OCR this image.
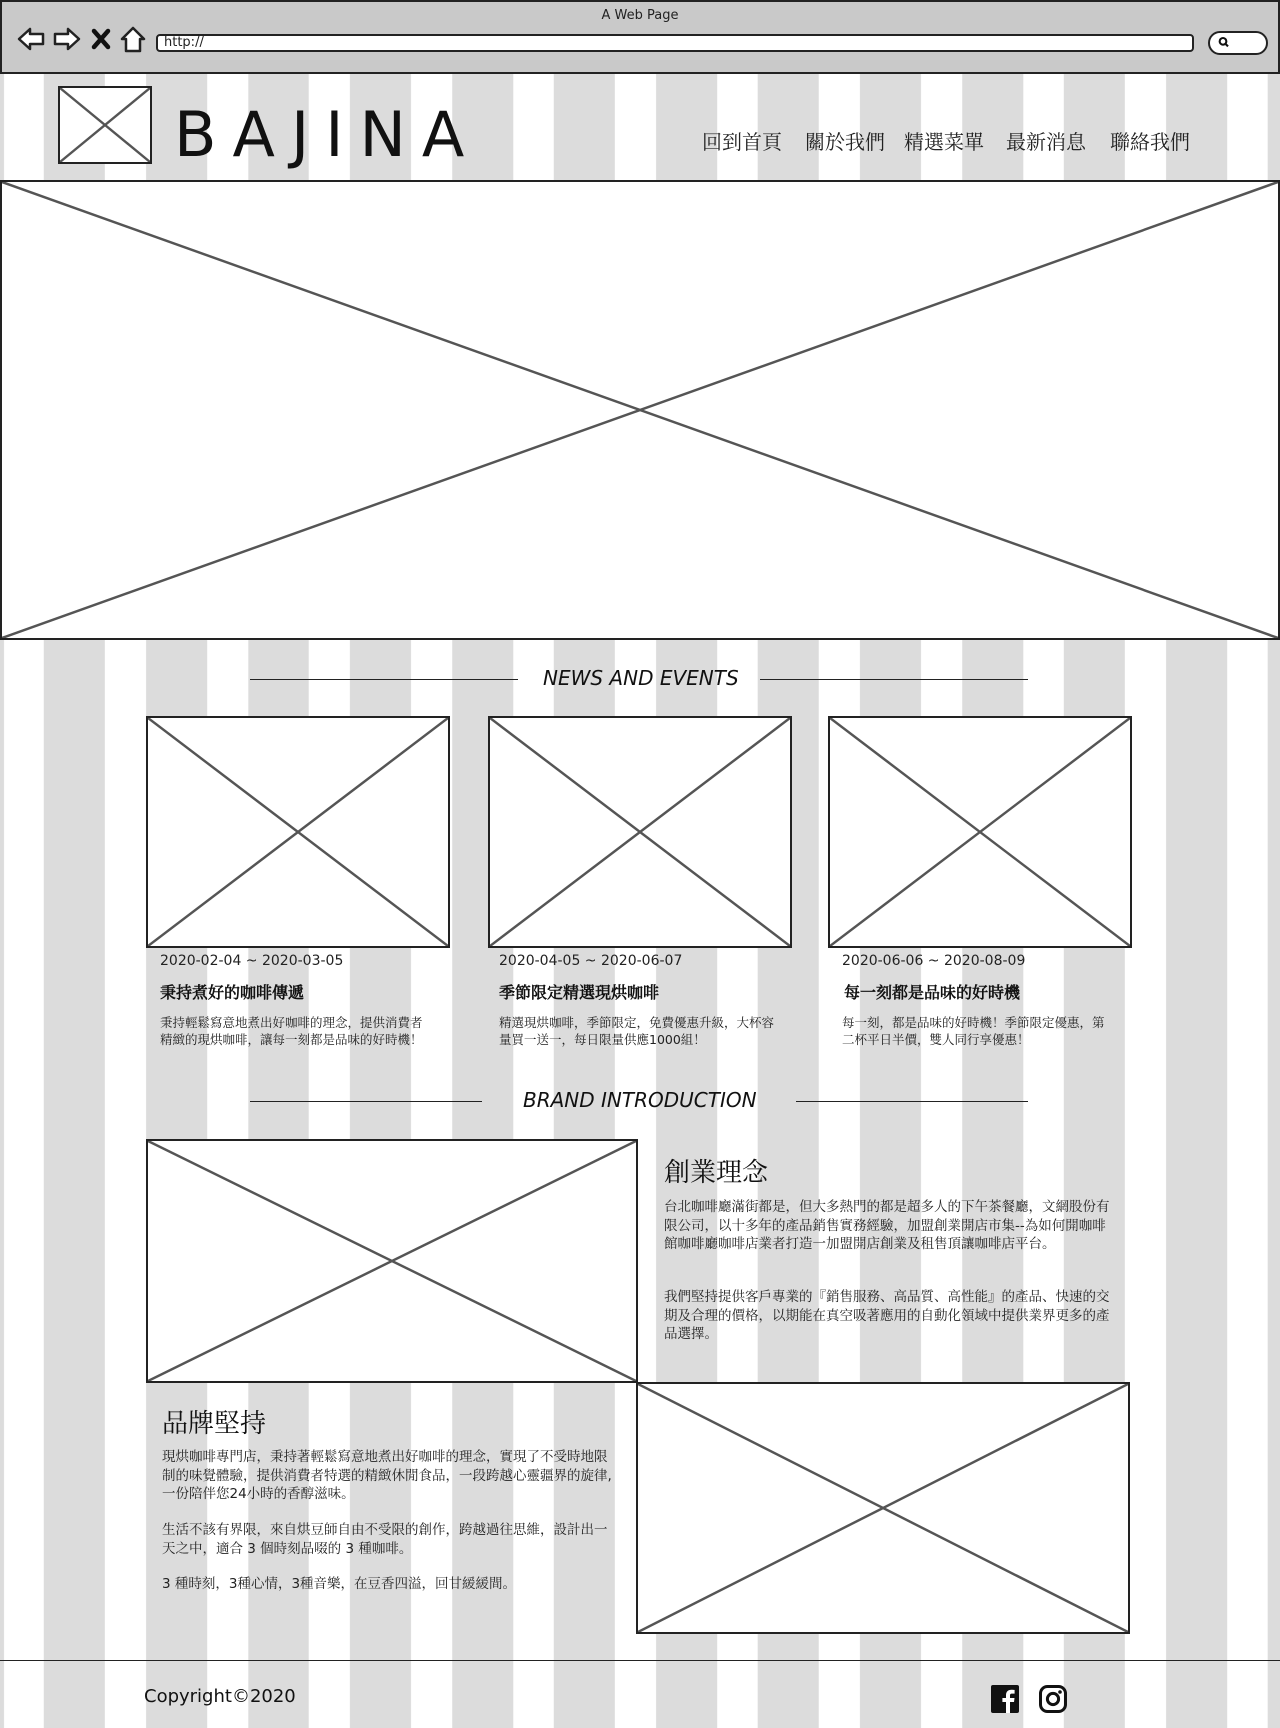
A Web Page
http://
BAJINA	回到首頁 關於我們 精選菜單 最新消息 聯絡我們
NEWS AND EVENTS
2020-02-04 ~ 2020-03-05	2020-04-05 ~ 2020-06-07	2020-06-06 ~ 2020-08-09
秉持煮好的咖啡傳遞	季節限定精選現烘咖啡	每一刻都是品味的好時機
秉持輕鬆寫意地煮出好咖啡的理念，提供消費者精緻的現烘咖啡，讓每一刻都是品味的好時機！
精選現烘咖啡，季節限定，免費優惠升級，大杯容量買一送一，每日限量供應1000組！
每一刻，都是品味的好時機！季節限定優惠，第二杯平日半價，雙人同行享優惠！
BRAND INTRODUCTION
創業理念
台北咖啡廳滿街都是，但大多熱門的都是超多人的下午茶餐廳，文網股份有限公司，以十多年的產品銷售實務經驗，加盟創業開店市集--為如何開咖啡館咖啡廳咖啡店業者打造一加盟開店創業及租售頂讓咖啡店平台。
我們堅持提供客戶專業的『銷售服務、高品質、高性能』的產品、快速的交期及合理的價格，以期能在真空吸著應用的自動化領域中提供業界更多的產品選擇。
品牌堅持
現烘咖啡專門店，秉持著輕鬆寫意地煮出好咖啡的理念，實現了不受時地限制的味覺體驗，提供消費者特選的精緻休閒食品，一段跨越心靈疆界的旋律,一份陪伴您24小時的香醇滋味。
生活不該有界限，來自烘豆師自由不受限的創作，跨越過往思維，設計出一天之中，適合 3 個時刻品啜的 3 種咖啡。
3 種時刻，3種心情，3種音樂，在豆香四溢，回甘緩緩間。
Copyright©2020
